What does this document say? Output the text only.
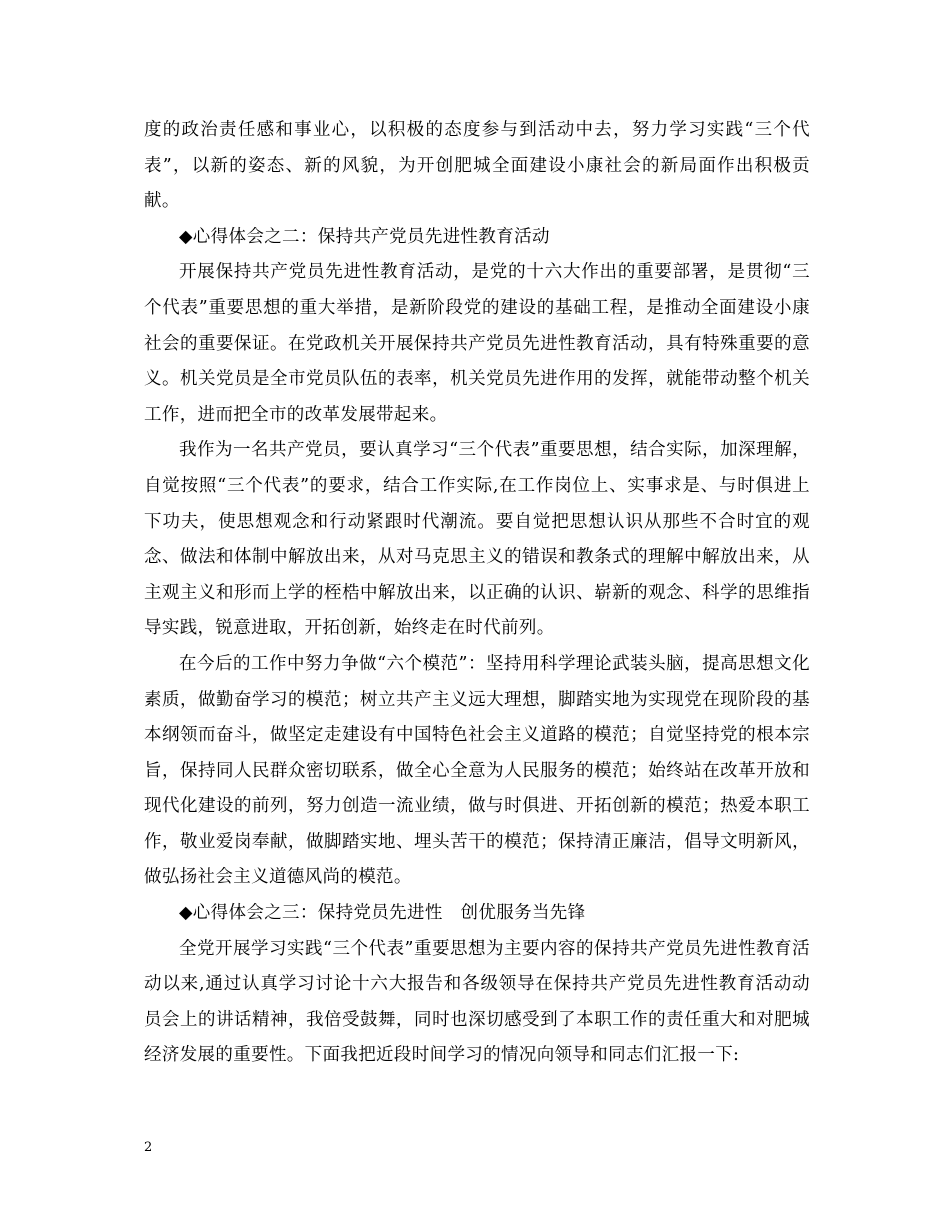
度的政治责任感和事业心，以积极的态度参与到活动中去，努力学习实践“三个代表”，以新的姿态、新的风貌，为开创肥城全面建设小康社会的新局面作出积极贡献。

◆心得体会之二：保持共产党员先进性教育活动

开展保持共产党员先进性教育活动，是党的十六大作出的重要部署，是贯彻“三个代表”重要思想的重大举措，是新阶段党的建设的基础工程，是推动全面建设小康社会的重要保证。在党政机关开展保持共产党员先进性教育活动，具有特殊重要的意义。机关党员是全市党员队伍的表率，机关党员先进作用的发挥，就能带动整个机关工作，进而把全市的改革发展带起来。

我作为一名共产党员，要认真学习“三个代表”重要思想，结合实际，加深理解，自觉按照“三个代表”的要求，结合工作实际,在工作岗位上、实事求是、与时俱进上下功夫，使思想观念和行动紧跟时代潮流。要自觉把思想认识从那些不合时宜的观念、做法和体制中解放出来，从对马克思主义的错误和教条式的理解中解放出来，从主观主义和形而上学的桎梏中解放出来，以正确的认识、崭新的观念、科学的思维指导实践，锐意进取，开拓创新，始终走在时代前列。

在今后的工作中努力争做“六个模范”：坚持用科学理论武装头脑，提高思想文化素质，做勤奋学习的模范；树立共产主义远大理想，脚踏实地为实现党在现阶段的基本纲领而奋斗，做坚定走建设有中国特色社会主义道路的模范；自觉坚持党的根本宗旨，保持同人民群众密切联系，做全心全意为人民服务的模范；始终站在改革开放和现代化建设的前列，努力创造一流业绩，做与时俱进、开拓创新的模范；热爱本职工作，敬业爱岗奉献，做脚踏实地、埋头苦干的模范；保持清正廉洁，倡导文明新风，做弘扬社会主义道德风尚的模范。

◆心得体会之三：保持党员先进性　创优服务当先锋

全党开展学习实践“三个代表”重要思想为主要内容的保持共产党员先进性教育活动以来,通过认真学习讨论十六大报告和各级领导在保持共产党员先进性教育活动动员会上的讲话精神，我倍受鼓舞，同时也深切感受到了本职工作的责任重大和对肥城经济发展的重要性。下面我把近段时间学习的情况向领导和同志们汇报一下:

2
